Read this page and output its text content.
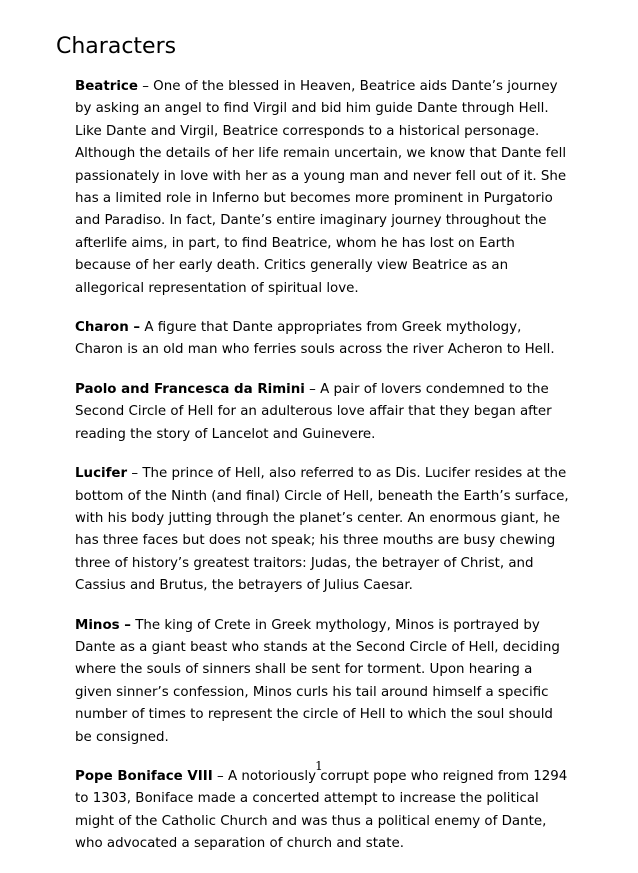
Characters

Beatrice – One of the blessed in Heaven, Beatrice aids Dante’s journey by asking an angel to find Virgil and bid him guide Dante through Hell. Like Dante and Virgil, Beatrice corresponds to a historical personage. Although the details of her life remain uncertain, we know that Dante fell passionately in love with her as a young man and never fell out of it. She has a limited role in Inferno but becomes more prominent in Purgatorio and Paradiso. In fact, Dante’s entire imaginary journey throughout the afterlife aims, in part, to find Beatrice, whom he has lost on Earth because of her early death. Critics generally view Beatrice as an allegorical representation of spiritual love.

Charon – A figure that Dante appropriates from Greek mythology, Charon is an old man who ferries souls across the river Acheron to Hell.

Paolo and Francesca da Rimini – A pair of lovers condemned to the Second Circle of Hell for an adulterous love affair that they began after reading the story of Lancelot and Guinevere.

Lucifer – The prince of Hell, also referred to as Dis. Lucifer resides at the bottom of the Ninth (and final) Circle of Hell, beneath the Earth’s surface, with his body jutting through the planet’s center. An enormous giant, he has three faces but does not speak; his three mouths are busy chewing three of history’s greatest traitors: Judas, the betrayer of Christ, and Cassius and Brutus, the betrayers of Julius Caesar.

Minos – The king of Crete in Greek mythology, Minos is portrayed by Dante as a giant beast who stands at the Second Circle of Hell, deciding where the souls of sinners shall be sent for torment. Upon hearing a given sinner’s confession, Minos curls his tail around himself a specific number of times to represent the circle of Hell to which the soul should be consigned.

Pope Boniface VIII – A notoriously corrupt pope who reigned from 1294 to 1303, Boniface made a concerted attempt to increase the political might of the Catholic Church and was thus a political enemy of Dante, who advocated a separation of church and state.

1
